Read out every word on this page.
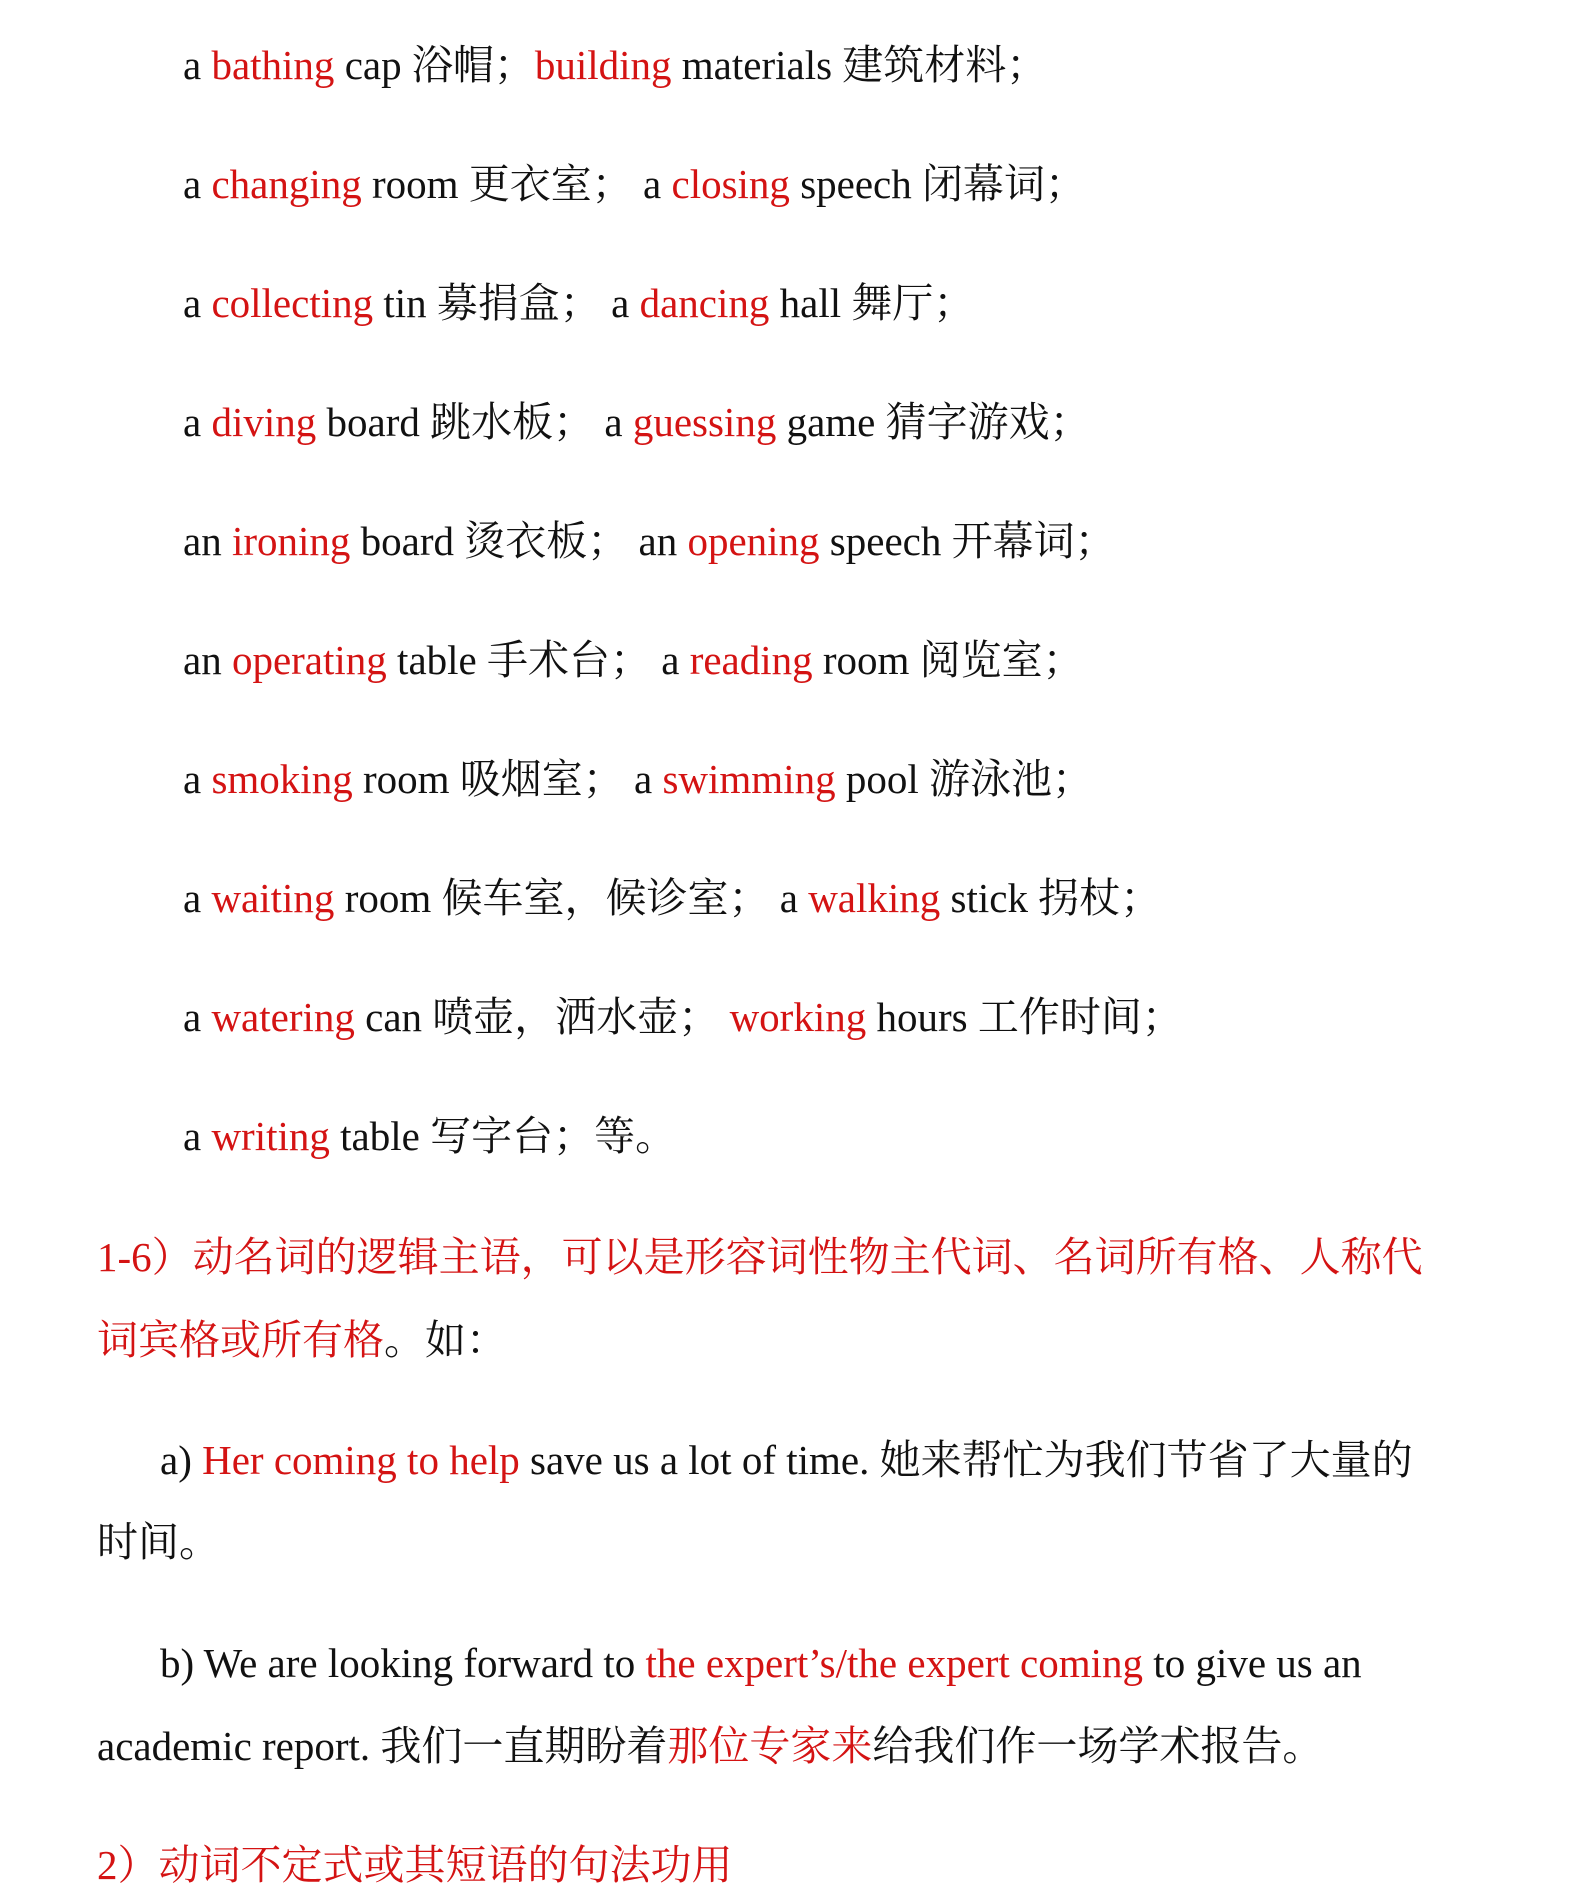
a bathing cap 浴帽；building materials 建筑材料；
a changing room 更衣室； a closing speech 闭幕词；
a collecting tin 募捐盒； a dancing hall 舞厅；
a diving board 跳水板； a guessing game 猜字游戏；
an ironing board 烫衣板； an opening speech 开幕词；
an operating table 手术台； a reading room 阅览室；
a smoking room 吸烟室； a swimming pool 游泳池；
a waiting room 候车室，候诊室； a walking stick 拐杖；
a watering can 喷壶，洒水壶； working hours 工作时间；
a writing table 写字台；等。
1-6）动名词的逻辑主语，可以是形容词性物主代词、名词所有格、人称代
词宾格或所有格。如：
a) Her coming to help save us a lot of time. 她来帮忙为我们节省了大量的
时间。
b) We are looking forward to the expert’s/the expert coming to give us an
academic report. 我们一直期盼着那位专家来给我们作一场学术报告。
2）动词不定式或其短语的句法功用
